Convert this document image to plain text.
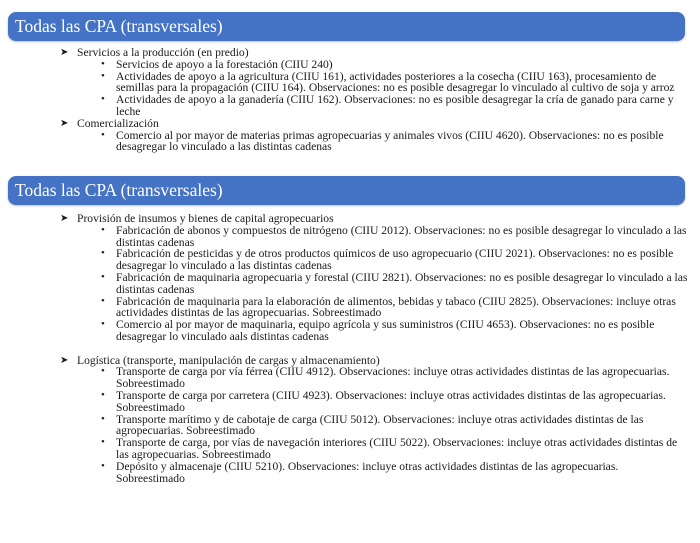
Todas las CPA (transversales)
➤ Servicios a la producción (en predio)
• Servicios de apoyo a la forestación (CIIU 240)
• Actividades de apoyo a la agricultura (CIIU 161), actividades posteriores a la cosecha (CIIU 163), procesamiento de semillas para la propagación (CIIU 164). Observaciones: no es posible desagregar lo vinculado al cultivo de soja y arroz
• Actividades de apoyo a la ganadería (CIIU 162). Observaciones: no es posible desagregar la cría de ganado para carne y leche
➤ Comercialización
• Comercio al por mayor de materias primas agropecuarias y animales vivos (CIIU 4620). Observaciones: no es posible desagregar lo vinculado a las distintas cadenas
Todas las CPA (transversales)
➤ Provisión de insumos y bienes de capital agropecuarios
• Fabricación de abonos y compuestos de nitrógeno (CIIU 2012). Observaciones: no es posible desagregar lo vinculado a las distintas cadenas
• Fabricación de pesticidas y de otros productos químicos de uso agropecuario (CIIU 2021). Observaciones: no es posible desagregar lo vinculado a las distintas cadenas
• Fabricación de maquinaria agropecuaria y forestal (CIIU 2821). Observaciones: no es posible desagregar lo vinculado a las distintas cadenas
• Fabricación de maquinaria para la elaboración de alimentos, bebidas y tabaco (CIIU 2825). Observaciones: incluye otras actividades distintas de las agropecuarias. Sobreestimado
• Comercio al por mayor de maquinaria, equipo agrícola y sus suministros (CIIU 4653). Observaciones: no es posible desagregar lo vinculado aals distintas cadenas
➤ Logística (transporte, manipulación de cargas y almacenamiento)
• Transporte de carga por vía férrea (CIIU 4912). Observaciones: incluye otras actividades distintas de las agropecuarias. Sobreestimado
• Transporte de carga por carretera (CIIU 4923). Observaciones: incluye otras actividades distintas de las agropecuarias. Sobreestimado
• Transporte marítimo y de cabotaje de carga (CIIU 5012). Observaciones: incluye otras actividades distintas de las agropecuarias. Sobreestimado
• Transporte de carga, por vías de navegación interiores (CIIU 5022). Observaciones: incluye otras actividades distintas de las agropecuarias. Sobreestimado
• Depósito y almacenaje (CIIU 5210). Observaciones: incluye otras actividades distintas de las agropecuarias. Sobreestimado
